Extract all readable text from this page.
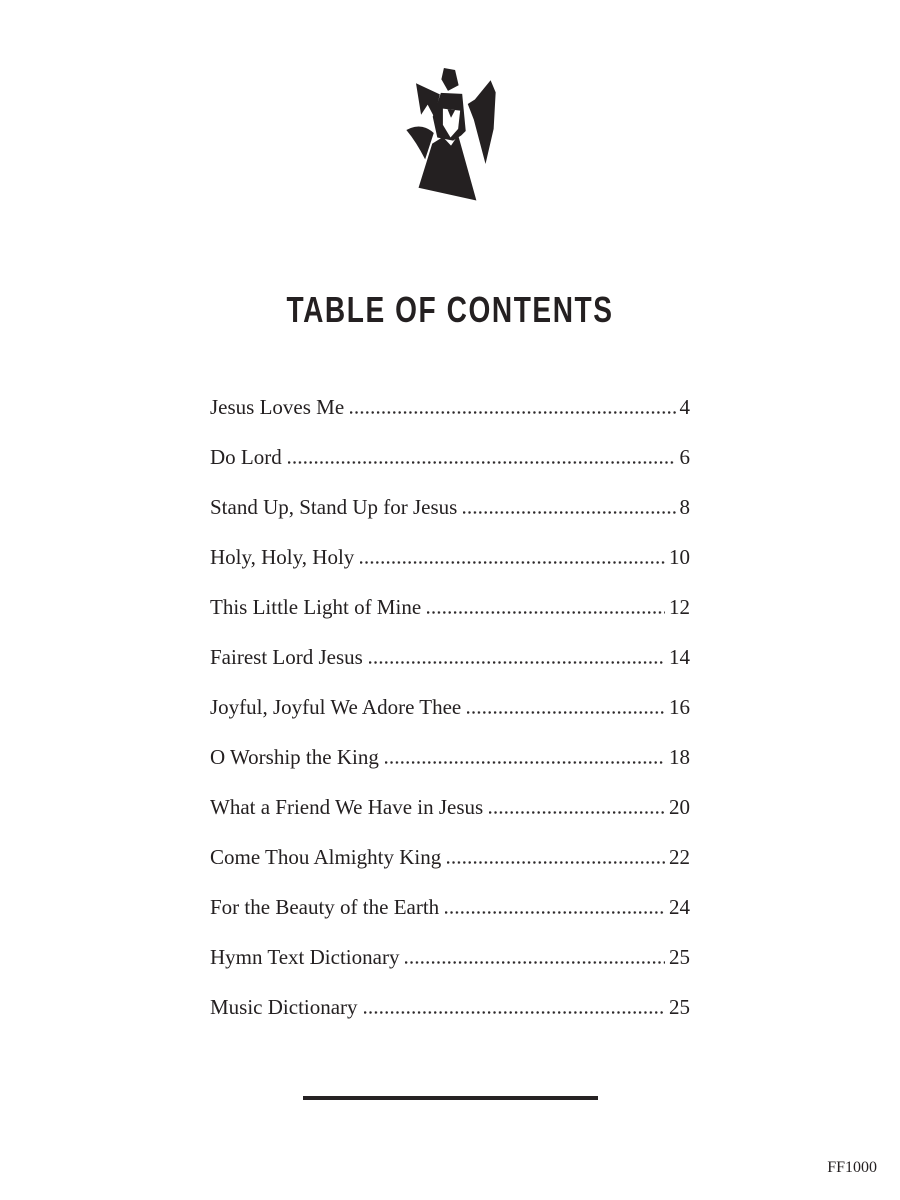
TABLE OF CONTENTS
Jesus Loves Me	4
Do Lord	6
Stand Up, Stand Up for Jesus	8
Holy, Holy, Holy	10
This Little Light of Mine	12
Fairest Lord Jesus	14
Joyful, Joyful We Adore Thee	16
O Worship the King	18
What a Friend We Have in Jesus	20
Come Thou Almighty King	22
For the Beauty of the Earth	24
Hymn Text Dictionary	25
Music Dictionary	25
FF1000
